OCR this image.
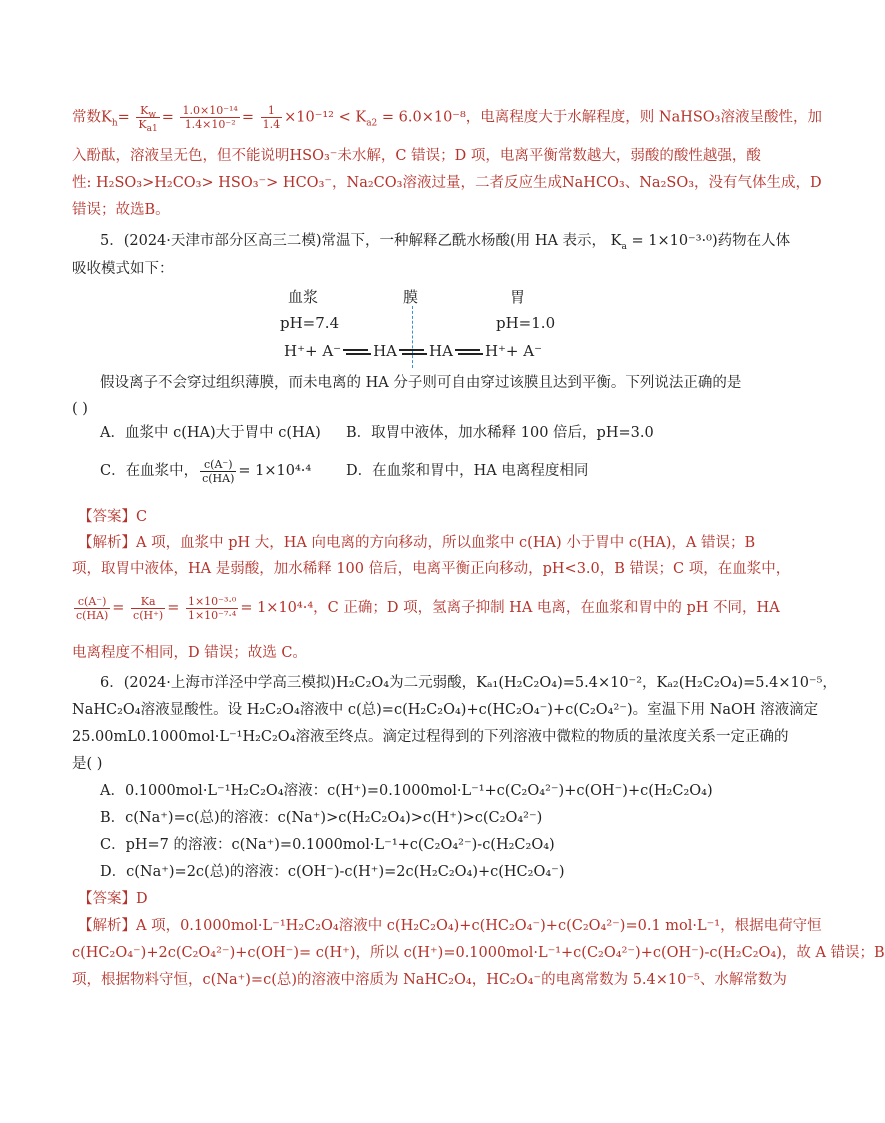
常数$K_h= \frac{K_w}{K_{a1}} = \frac{\text{1.0×10⁻¹⁴}}{\text{1.4×10⁻²}} = \frac{1}{1.4} \times 10^{-12} < K_{a2} = 6.0\times 10^{-8}$，电离程度大于水解程度，则 NaHSO₃溶液呈酸性，加
入酚酞，溶液呈无色，但不能说明HSO₃⁻未水解，C 错误；D 项，电离平衡常数越大，弱酸的酸性越强，酸
性: H₂SO₃>H₂CO₃> HSO₃⁻> HCO₃⁻，Na₂CO₃溶液过量，二者反应生成NaHCO₃、Na₂SO₃，没有气体生成，D
错误；故选B。
5．(2024·天津市部分区高三二模)常温下，一种解释乙酰水杨酸(用 HA 表示， $K_a = 1\times 10^{-3}\cdot^0$)药物在人体
吸收模式如下：
血浆	膜	胃
pH=7.4	pH=1.0
H⁺+ A⁻ HA HA H⁺+ A⁻
假设离子不会穿过组织薄膜，而未电离的 HA 分子则可自由穿过该膜且达到平衡。下列说法正确的是
( )
A．血浆中 c(HA)大于胃中 c(HA)	B．取胃中液体，加水稀释 100 倍后，pH=3.0
C．在血浆中， $\frac{c(A^-)}{c(HA)} = 1\times 10^4\cdot^4$	D．在血浆和胃中，HA 电离程度相同
【答案】C
【解析】A 项，血浆中 pH 大，HA 向电离的方向移动，所以血浆中 c(HA) 小于胃中 c(HA)，A 错误；B
项，取胃中液体，HA 是弱酸，加水稀释 100 倍后，电离平衡正向移动，pH<3.0，B 错误；C 项，在血浆中，
$\frac{c(A^-)}{c(HA)} = \frac{Ka}{c(H^+)} = \frac{\text{1×10⁻³·⁰}}{\text{1×10⁻⁷·⁴}} = 1\times 10^4\cdot^4$，C 正确；D 项，氢离子抑制 HA 电离，在血浆和胃中的 pH 不同，HA
电离程度不相同，D 错误；故选 C。
6．(2024·上海市洋泾中学高三模拟)H₂C₂O₄为二元弱酸，Kₐ₁(H₂C₂O₄)=5.4×10⁻²，Kₐ₂(H₂C₂O₄)=5.4×10⁻⁵，
NaHC₂O₄溶液显酸性。设 H₂C₂O₄溶液中 c(总)=c(H₂C₂O₄)+c(HC₂O₄⁻)+c(C₂O₄²⁻)。室温下用 NaOH 溶液滴定
25.00mL0.1000mol·L⁻¹H₂C₂O₄溶液至终点。滴定过程得到的下列溶液中微粒的物质的量浓度关系一定正确的
是( )
A．0.1000mol·L⁻¹H₂C₂O₄溶液：c(H⁺)=0.1000mol·L⁻¹+c(C₂O₄²⁻)+c(OH⁻)+c(H₂C₂O₄)
B．c(Na⁺)=c(总)的溶液：c(Na⁺)>c(H₂C₂O₄)>c(H⁺)>c(C₂O₄²⁻)
C．pH=7 的溶液：c(Na⁺)=0.1000mol·L⁻¹+c(C₂O₄²⁻)-c(H₂C₂O₄)
D．c(Na⁺)=2c(总)的溶液：c(OH⁻)-c(H⁺)=2c(H₂C₂O₄)+c(HC₂O₄⁻)
【答案】D
【解析】A 项，0.1000mol·L⁻¹H₂C₂O₄溶液中 c(H₂C₂O₄)+c(HC₂O₄⁻)+c(C₂O₄²⁻)=0.1 mol·L⁻¹，根据电荷守恒
c(HC₂O₄⁻)+2c(C₂O₄²⁻)+c(OH⁻)= c(H⁺)，所以 c(H⁺)=0.1000mol·L⁻¹+c(C₂O₄²⁻)+c(OH⁻)-c(H₂C₂O₄)，故 A 错误；B
项，根据物料守恒，c(Na⁺)=c(总)的溶液中溶质为 NaHC₂O₄，HC₂O₄⁻的电离常数为 5.4×10⁻⁵、水解常数为
